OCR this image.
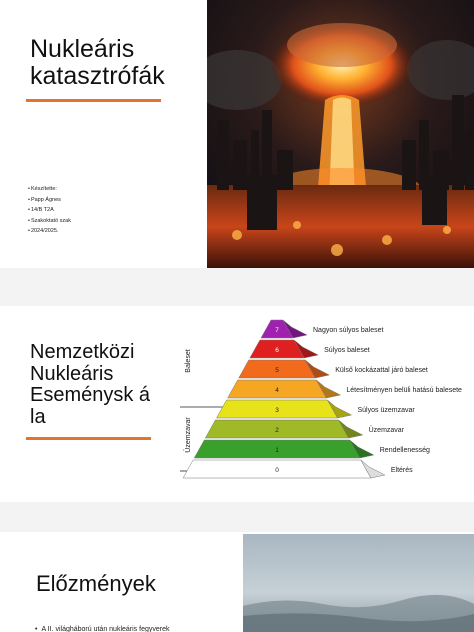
Nukleáris
katasztrófák
• Készítette:
• Papp Ágnes
• 14/B T2A
• Szakoktató szak
• 2024/2025.
Nemzetközi
Nukleáris
Eseménysk á
la
Baleset
Üzemzavar
7	Nagyon súlyos baleset
6	Súlyos baleset
5	Külső kockázattal járó baleset
4	Létesítményen belüli hatású balesete
3	Súlyos üzemzavar
2	Üzemzavar
1	Rendellenesség
0	Eltérés
Előzmények
• A II. világháború után nukleáris fegyverek
